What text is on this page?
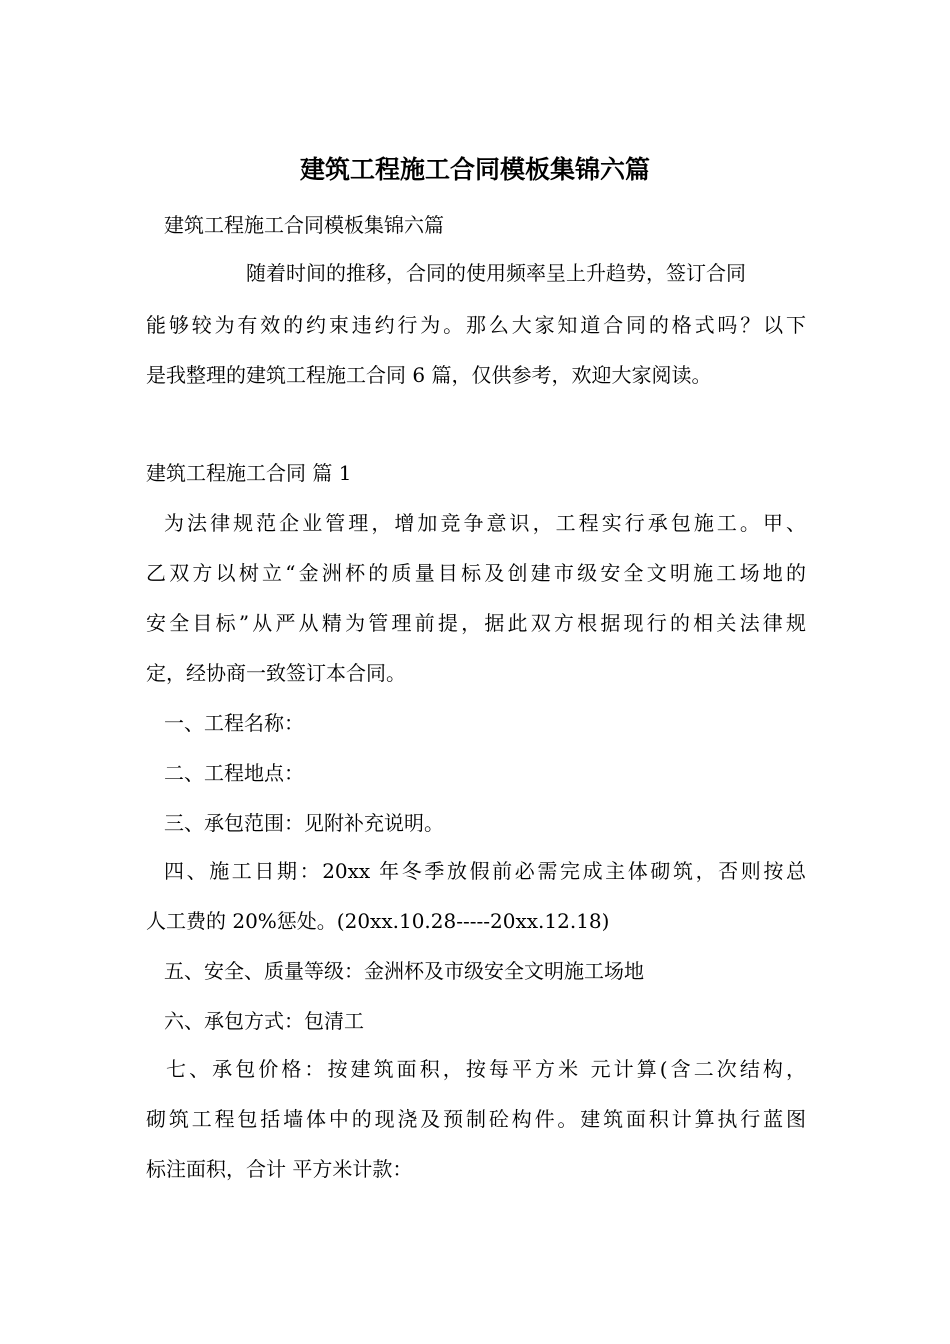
建筑工程施工合同模板集锦六篇

建筑工程施工合同模板集锦六篇

随着时间的推移，合同的使用频率呈上升趋势，签订合同

能够较为有效的约束违约行为。那么大家知道合同的格式吗？以下

是我整理的建筑工程施工合同 6 篇，仅供参考，欢迎大家阅读。

建筑工程施工合同 篇 1

为法律规范企业管理，增加竞争意识，工程实行承包施工。甲、

乙双方以树立“金洲杯的质量目标及创建市级安全文明施工场地的

安全目标”从严从精为管理前提，据此双方根据现行的相关法律规

定，经协商一致签订本合同。

一、工程名称：

二、工程地点：

三、承包范围：见附补充说明。

四、施工日期：20xx 年冬季放假前必需完成主体砌筑，否则按总

人工费的 20%惩处。(20xx.10.28-----20xx.12.18)

五、安全、质量等级：金洲杯及市级安全文明施工场地

六、承包方式：包清工

七、承包价格：按建筑面积，按每平方米 元计算(含二次结构，

砌筑工程包括墙体中的现浇及预制砼构件。建筑面积计算执行蓝图

标注面积，合计 平方米计款：
